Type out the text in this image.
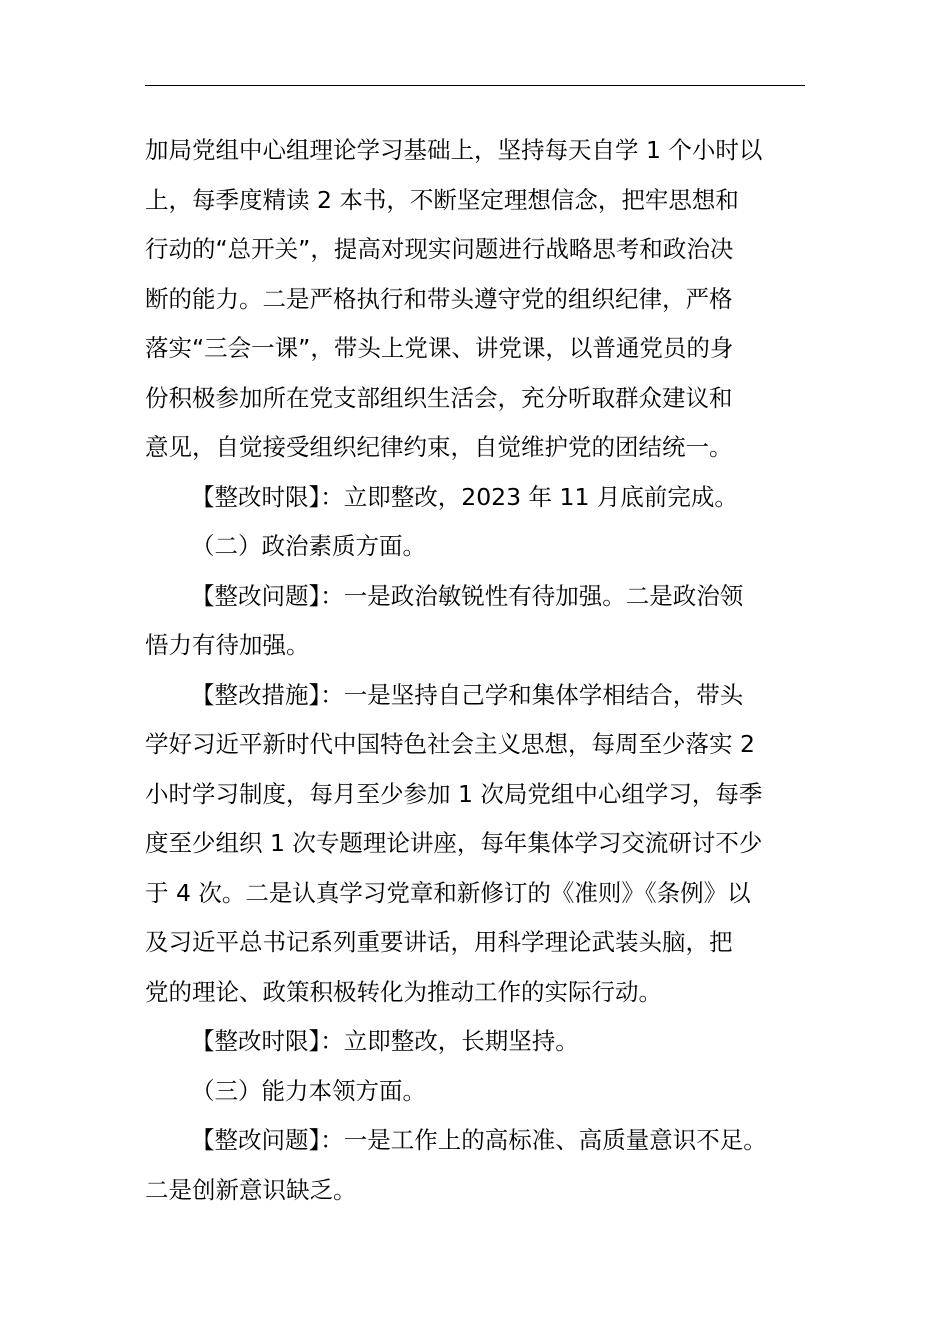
加局党组中心组理论学习基础上，坚持每天自学 1 个小时以
上，每季度精读 2 本书，不断坚定理想信念，把牢思想和
行动的“总开关”，提高对现实问题进行战略思考和政治决
断的能力。二是严格执行和带头遵守党的组织纪律，严格
落实“三会一课”，带头上党课、讲党课，以普通党员的身
份积极参加所在党支部组织生活会，充分听取群众建议和
意见，自觉接受组织纪律约束，自觉维护党的团结统一。
【整改时限】：立即整改，2023 年 11 月底前完成。
（二）政治素质方面。
【整改问题】：一是政治敏锐性有待加强。二是政治领
悟力有待加强。
【整改措施】：一是坚持自己学和集体学相结合，带头
学好习近平新时代中国特色社会主义思想，每周至少落实 2
小时学习制度，每月至少参加 1 次局党组中心组学习，每季
度至少组织 1 次专题理论讲座，每年集体学习交流研讨不少
于 4 次。二是认真学习党章和新修订的《准则》《条例》以
及习近平总书记系列重要讲话，用科学理论武装头脑，把
党的理论、政策积极转化为推动工作的实际行动。
【整改时限】：立即整改，长期坚持。
（三）能力本领方面。
【整改问题】：一是工作上的高标准、高质量意识不足。
二是创新意识缺乏。
